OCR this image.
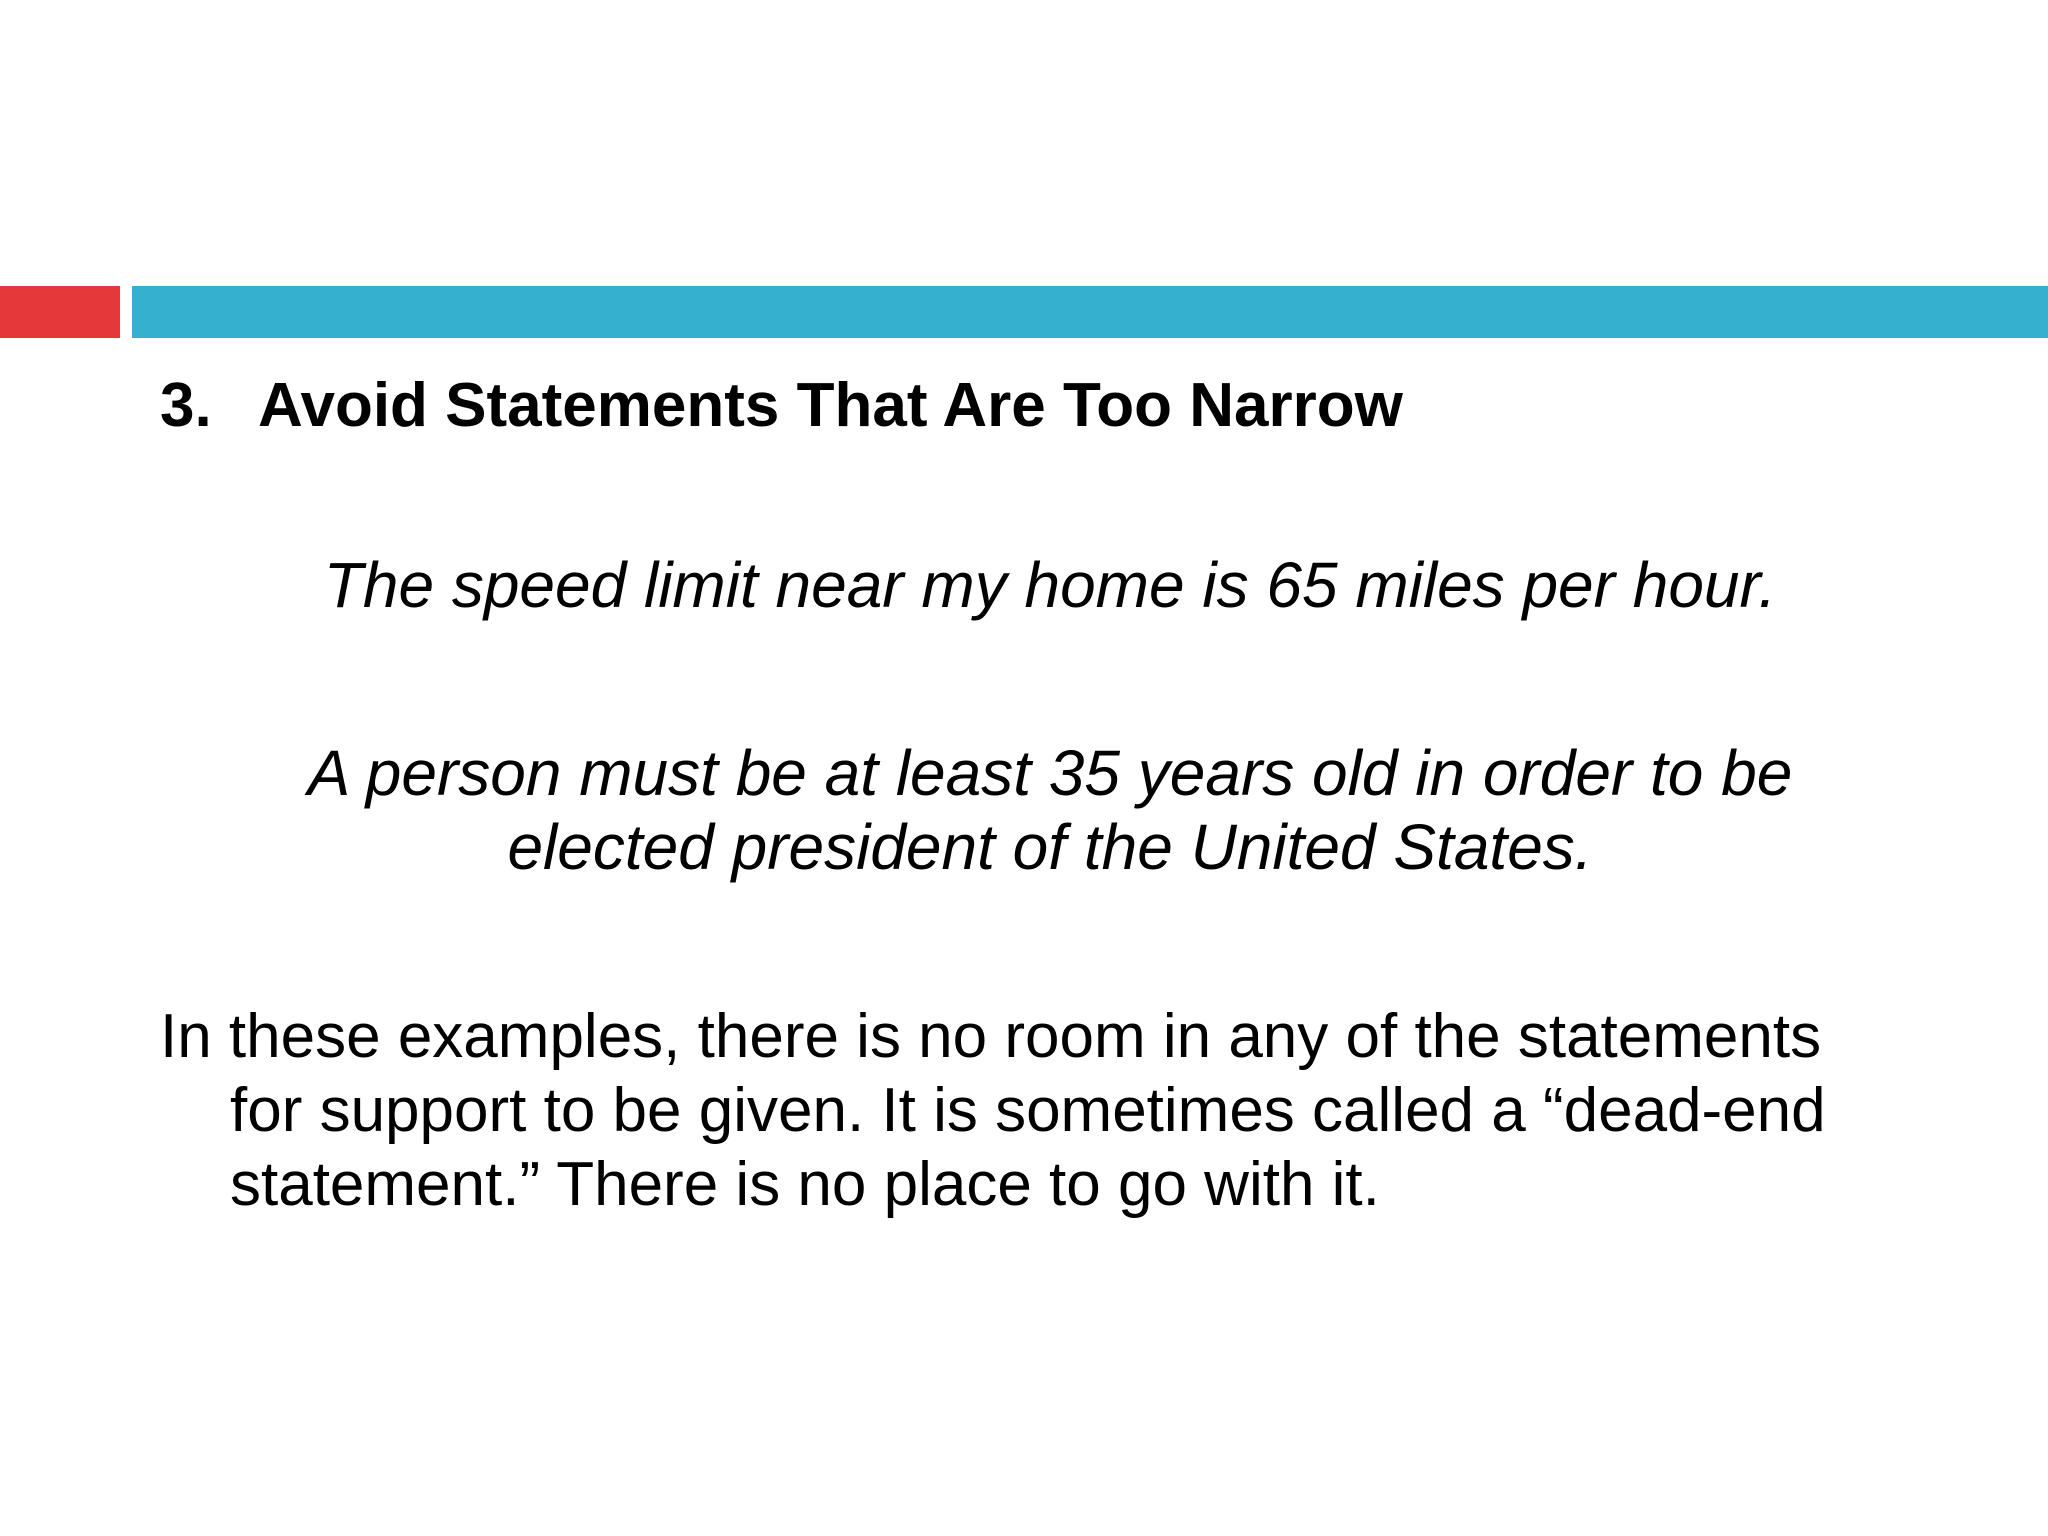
3. Avoid Statements That Are Too Narrow
The speed limit near my home is 65 miles per hour.
A person must be at least 35 years old in order to be elected president of the United States.
In these examples, there is no room in any of the statements for support to be given. It is sometimes called a “dead-end statement.” There is no place to go with it.
